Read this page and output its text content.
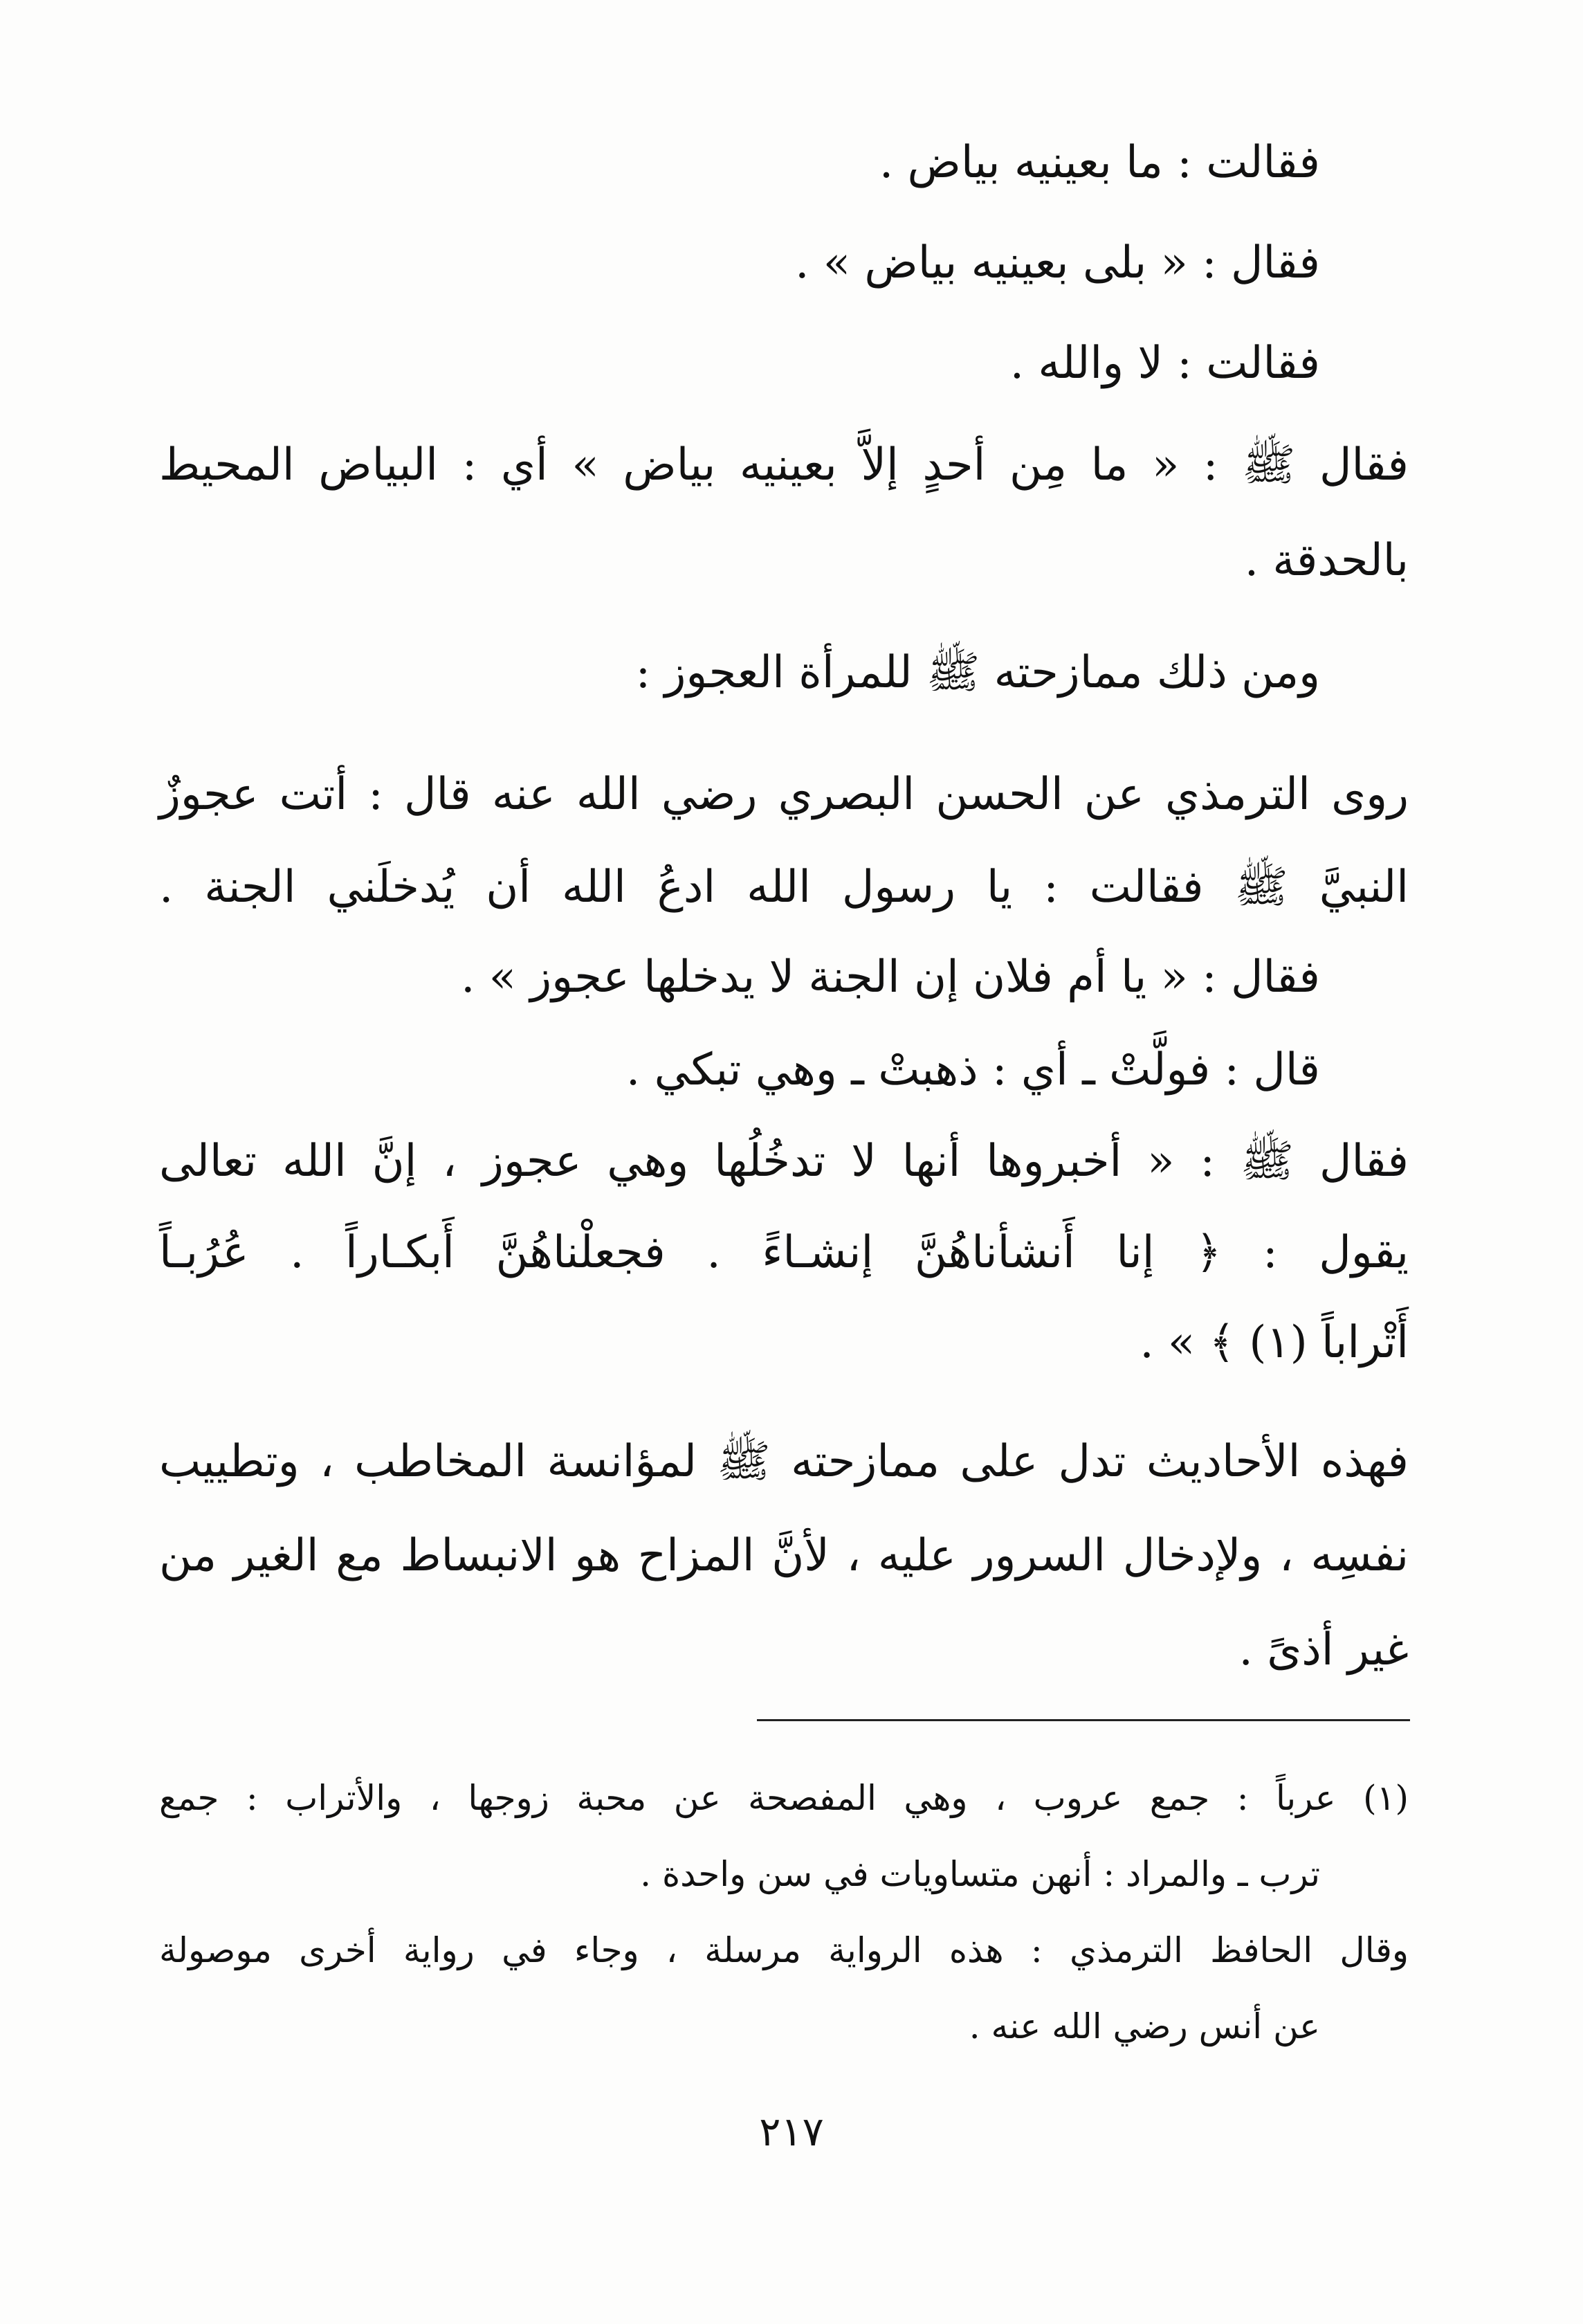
فقالت : ما بعينيه بياض .
فقال : « بلى بعينيه بياض » .
فقالت : لا والله .
فقال ﷺ : « ما مِن أحدٍ إلاَّ بعينيه بياض » أي : البياض المحيط
بالحدقة .
ومن ذلك ممازحته ﷺ للمرأة العجوز :
روى الترمذي عن الحسن البصري رضي الله عنه قال : أتت عجوزٌ
النبيَّ ﷺ فقالت : يا رسول الله ادعُ الله أن يُدخلَني الجنة .
فقال : « يا أم فلان إن الجنة لا يدخلها عجوز » .
قال : فولَّتْ ـ أي : ذهبتْ ـ وهي تبكي .
فقال ﷺ : « أخبروها أنها لا تدخُلُها وهي عجوز ، إنَّ الله تعالى
يقول : ﴿ إنا أَنشأناهُنَّ إنشـاءً . فجعلْناهُنَّ أَبكـاراً . عُرُبـاً
أَتْراباً (١) ﴾ » .
فهذه الأحاديث تدل على ممازحته ﷺ لمؤانسة المخاطب ، وتطييب
نفسِه ، ولإدخال السرور عليه ، لأنَّ المزاح هو الانبساط مع الغير من
غير أذىً .
(١) عرباً : جمع عروب ، وهي المفصحة عن محبة زوجها ، والأتراب : جمع
ترب ـ والمراد : أنهن متساويات في سن واحدة .
وقال الحافظ الترمذي : هذه الرواية مرسلة ، وجاء في رواية أخرى موصولة
عن أنس رضي الله عنه .
٢١٧
